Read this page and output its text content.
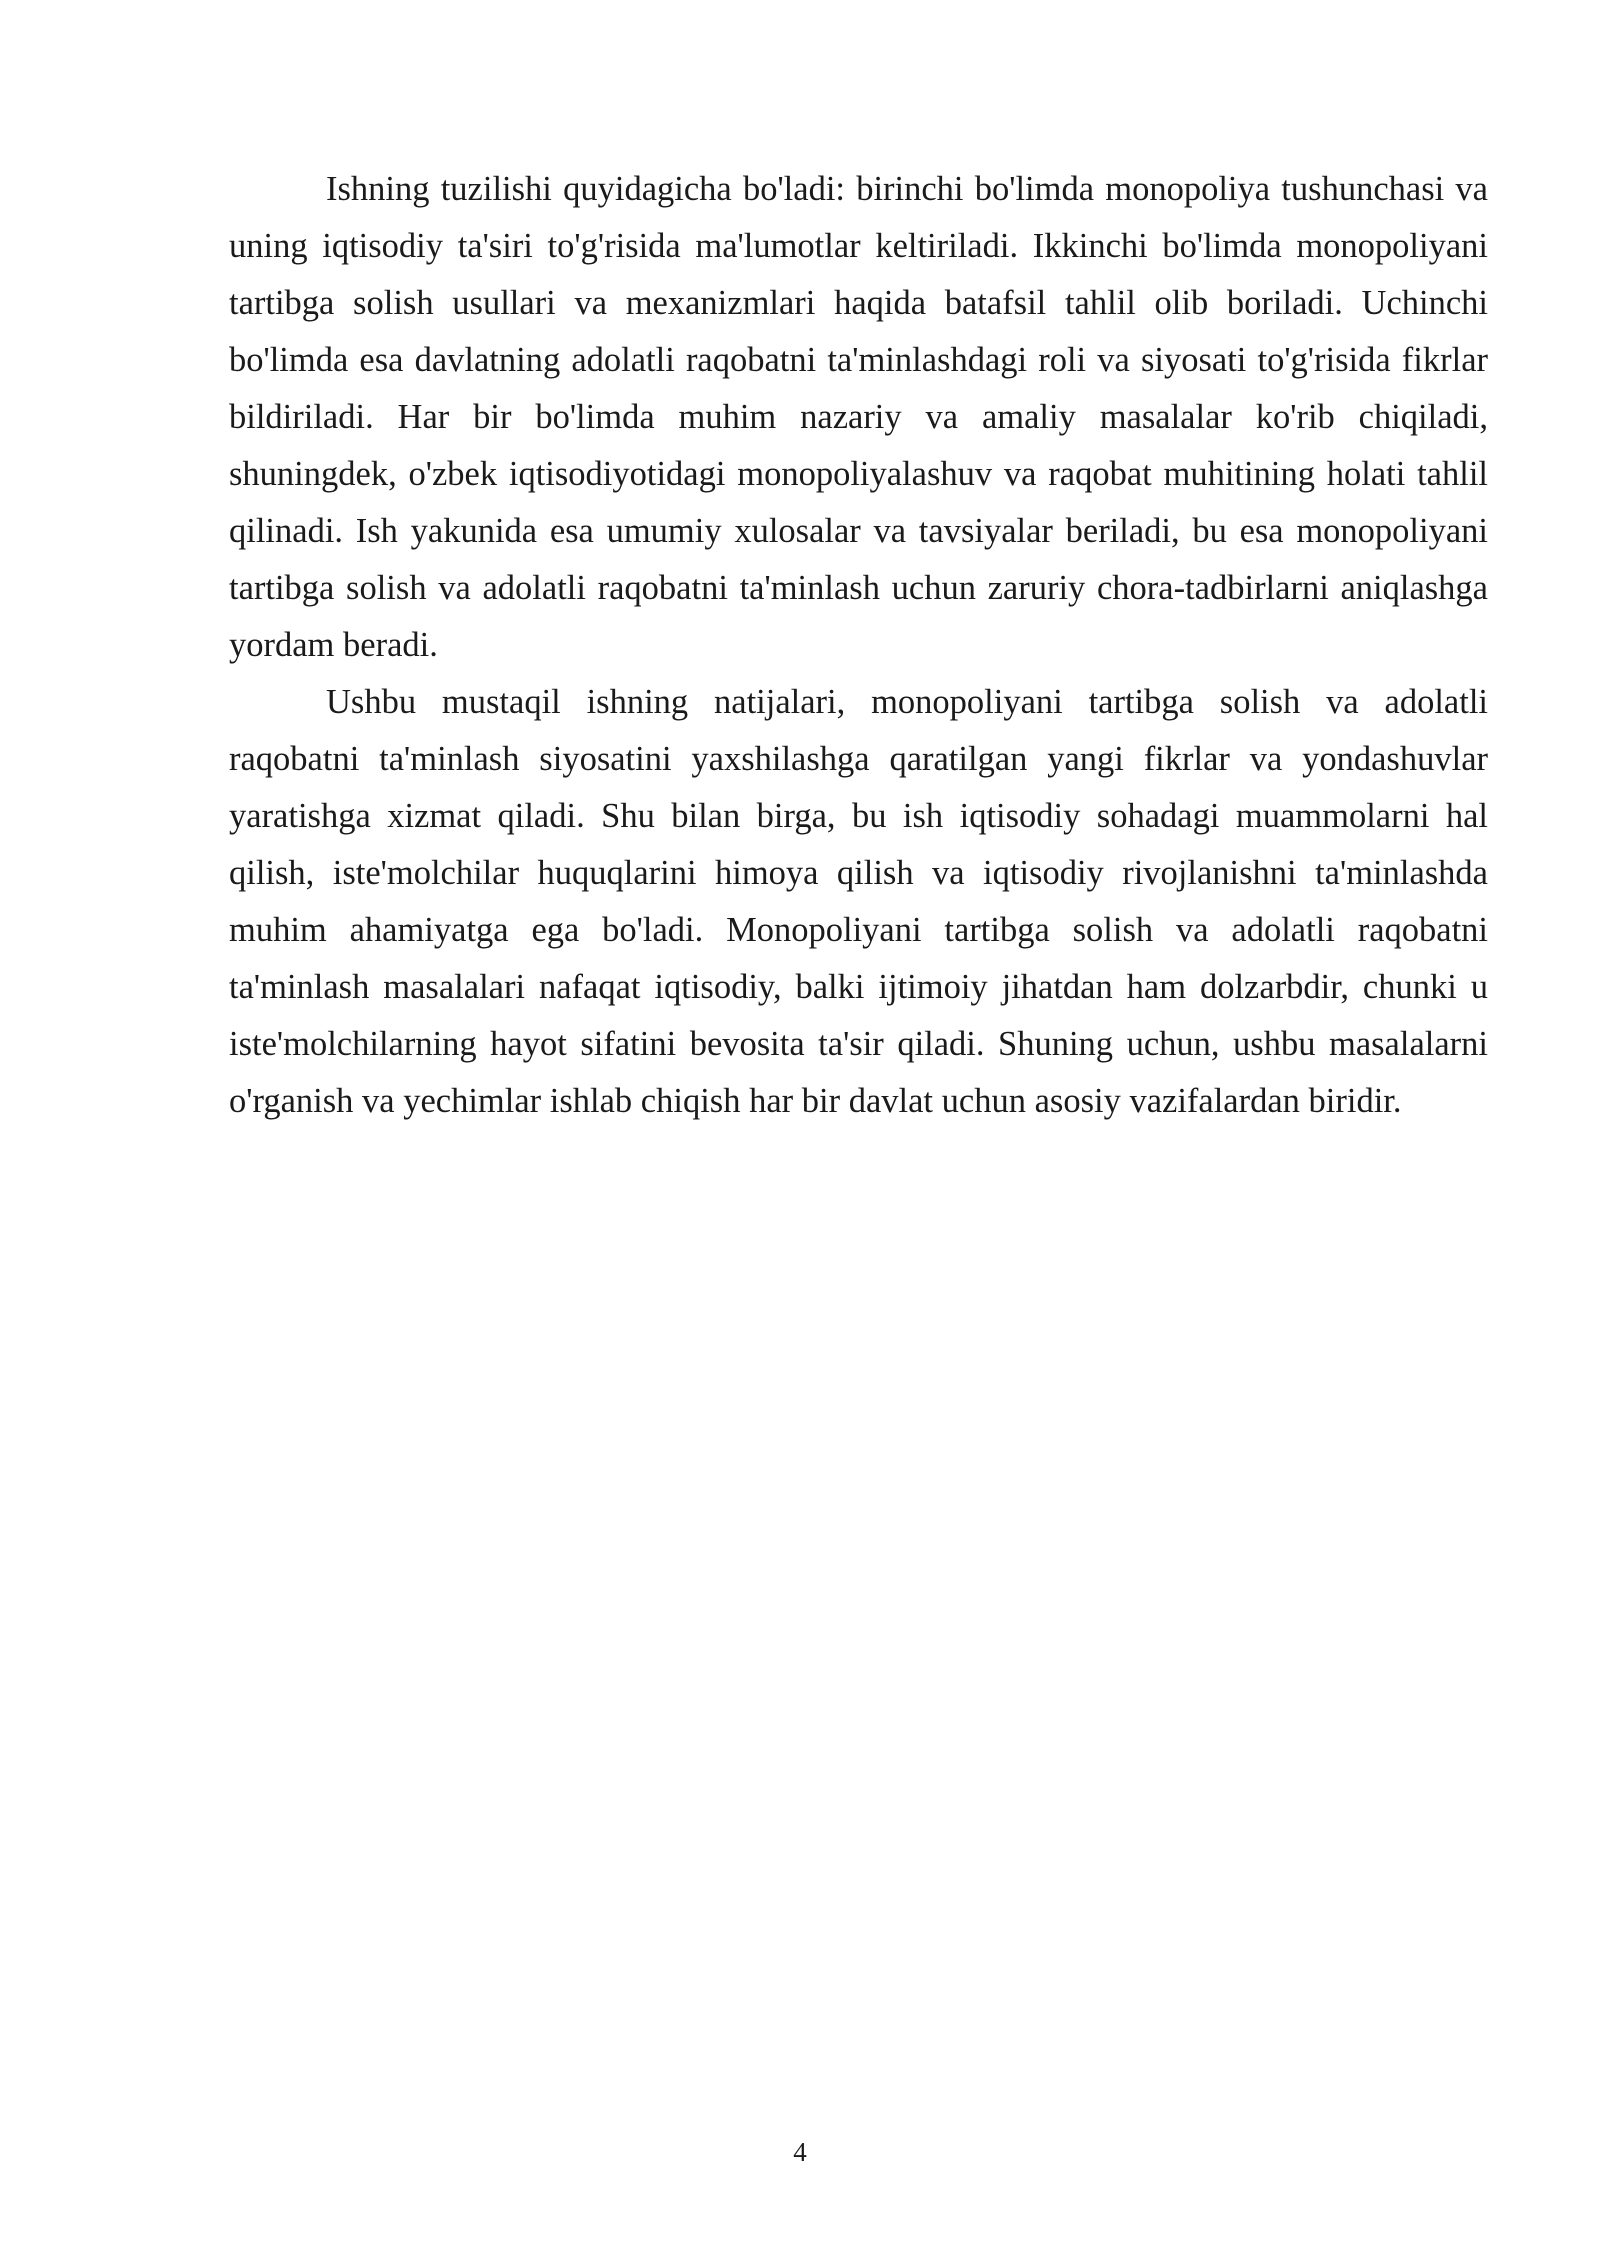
Ishning tuzilishi quyidagicha bo'ladi: birinchi bo'limda monopoliya tushunchasi va uning iqtisodiy ta'siri to'g'risida ma'lumotlar keltiriladi. Ikkinchi bo'limda monopoliyani tartibga solish usullari va mexanizmlari haqida batafsil tahlil olib boriladi. Uchinchi bo'limda esa davlatning adolatli raqobatni ta'minlashdagi roli va siyosati to'g'risida fikrlar bildiriladi. Har bir bo'limda muhim nazariy va amaliy masalalar ko'rib chiqiladi, shuningdek, o'zbek iqtisodiyotidagi monopoliyalashuv va raqobat muhitining holati tahlil qilinadi. Ish yakunida esa umumiy xulosalar va tavsiyalar beriladi, bu esa monopoliyani tartibga solish va adolatli raqobatni ta'minlash uchun zaruriy chora-tadbirlarni aniqlashga yordam beradi.

Ushbu mustaqil ishning natijalari, monopoliyani tartibga solish va adolatli raqobatni ta'minlash siyosatini yaxshilashga qaratilgan yangi fikrlar va yondashuvlar yaratishga xizmat qiladi. Shu bilan birga, bu ish iqtisodiy sohadagi muammolarni hal qilish, iste'molchilar huquqlarini himoya qilish va iqtisodiy rivojlanishni ta'minlashda muhim ahamiyatga ega bo'ladi. Monopoliyani tartibga solish va adolatli raqobatni ta'minlash masalalari nafaqat iqtisodiy, balki ijtimoiy jihatdan ham dolzarbdir, chunki u iste'molchilarning hayot sifatini bevosita ta'sir qiladi. Shuning uchun, ushbu masalalarni o'rganish va yechimlar ishlab chiqish har bir davlat uchun asosiy vazifalardan biridir.

4
